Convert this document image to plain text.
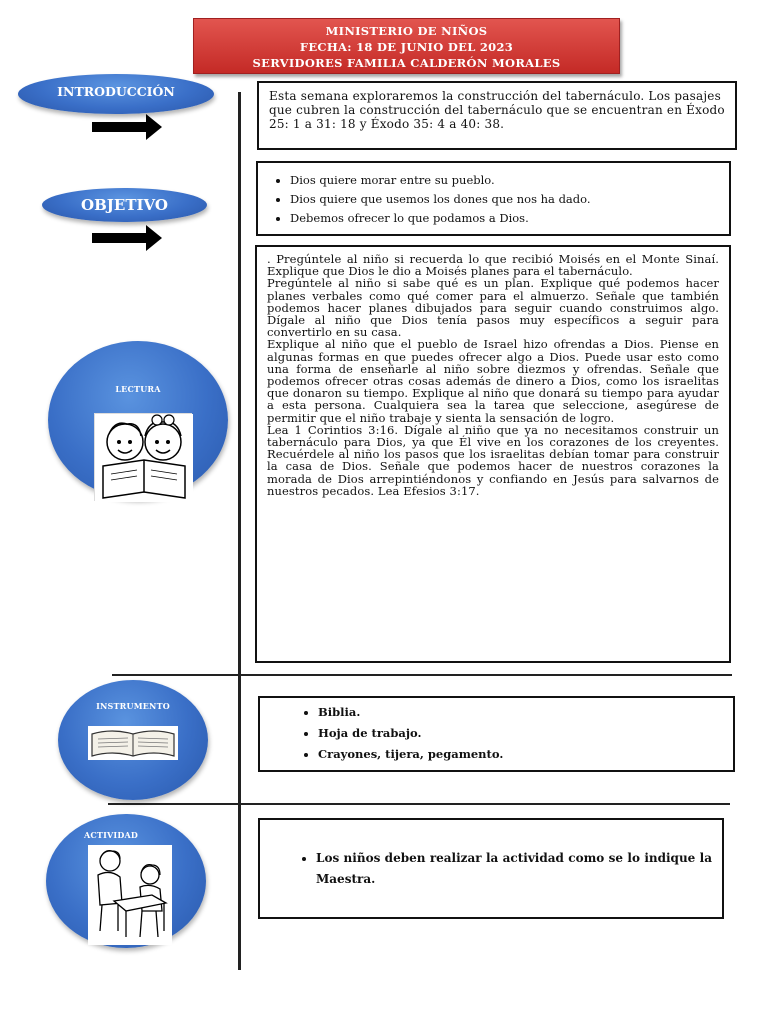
MINISTERIO DE NIÑOS
FECHA: 18 DE JUNIO DEL 2023
SERVIDORES FAMILIA CALDERÓN MORALES
INTRODUCCIÓN
OBJETIVO
LECTURA
INSTRUMENTO
ACTIVIDAD
Esta semana exploraremos la construcción del tabernáculo. Los pasajes que cubren la construcción del tabernáculo que se encuentran en Éxodo 25: 1 a 31: 18 y Éxodo 35: 4 a 40: 38.
• Dios quiere morar entre su pueblo.
• Dios quiere que usemos los dones que nos ha dado.
• Debemos ofrecer lo que podamos a Dios.

. Pregúntele al niño si recuerda lo que recibió Moisés en el Monte Sinaí. Explique que Dios le dio a Moisés planes para el tabernáculo.

Pregúntele al niño si sabe qué es un plan. Explique qué podemos hacer planes verbales como qué comer para el almuerzo. Señale que también podemos hacer planes dibujados para seguir cuando construimos algo. Dígale al niño que Dios tenía pasos muy específicos a seguir para convertirlo en su casa.

Explique al niño que el pueblo de Israel hizo ofrendas a Dios. Piense en algunas formas en que puedes ofrecer algo a Dios. Puede usar esto como una forma de enseñarle al niño sobre diezmos y ofrendas. Señale que podemos ofrecer otras cosas además de dinero a Dios, como los israelitas que donaron su tiempo. Explique al niño que donará su tiempo para ayudar a esta persona. Cualquiera sea la tarea que seleccione, asegúrese de permitir que el niño trabaje y sienta la sensación de logro.

Lea 1 Corintios 3:16. Dígale al niño que ya no necesitamos construir un tabernáculo para Dios, ya que Él vive en los corazones de los creyentes. Recuérdele al niño los pasos que los israelitas debían tomar para construir la casa de Dios. Señale que podemos hacer de nuestros corazones la morada de Dios arrepintiéndonos y confiando en Jesús para salvarnos de nuestros pecados. Lea Efesios 3:17.

• Biblia.
• Hoja de trabajo.
• Crayones, tijera, pegamento.
• Los niños deben realizar la actividad como se lo indique la Maestra.
